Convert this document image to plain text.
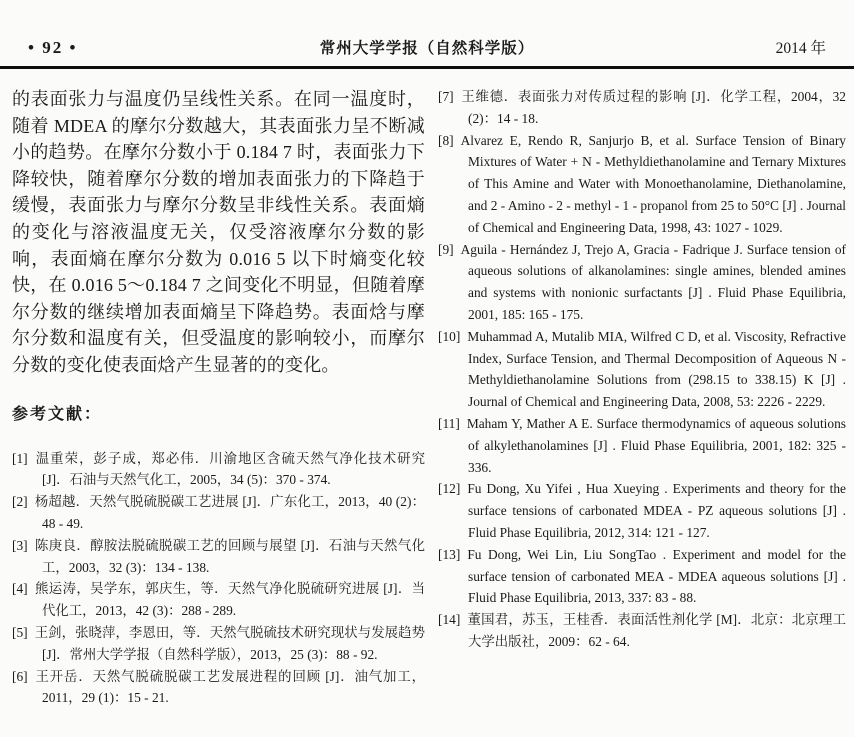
• 92 •	常州大学学报（自然科学版）	2014 年

的表面张力与温度仍呈线性关系。在同一温度时，随着 MDEA 的摩尔分数越大，其表面张力呈不断减小的趋势。在摩尔分数小于 0.184 7 时，表面张力下降较快，随着摩尔分数的增加表面张力的下降趋于缓慢，表面张力与摩尔分数呈非线性关系。表面熵的变化与溶液温度无关，仅受溶液摩尔分数的影响，表面熵在摩尔分数为 0.016 5 以下时熵变化较快，在 0.016 5～0.184 7 之间变化不明显，但随着摩尔分数的继续增加表面熵呈下降趋势。表面焓与摩尔分数和温度有关，但受温度的影响较小，而摩尔分数的变化使表面焓产生显著的的变化。

参考文献：

[1] 温重荣，彭子成，郑必伟．川渝地区含硫天然气净化技术研究 [J]．石油与天然气化工，2005，34 (5)：370 - 374.

[2] 杨超越．天然气脱硫脱碳工艺进展 [J]．广东化工，2013，40 (2)：48 - 49.

[3] 陈庚良．醇胺法脱硫脱碳工艺的回顾与展望 [J]．石油与天然气化工，2003，32 (3)：134 - 138.

[4] 熊运涛，吴学东，郭庆生，等．天然气净化脱硫研究进展 [J]．当代化工，2013，42 (3)：288 - 289.

[5] 王剑，张晓萍，李恩田，等．天然气脱硫技术研究现状与发展趋势 [J]．常州大学学报（自然科学版），2013，25 (3)：88 - 92.

[6] 王开岳．天然气脱硫脱碳工艺发展进程的回顾 [J]．油气加工，2011，29 (1)：15 - 21.

[7] 王维德．表面张力对传质过程的影响 [J]．化学工程，2004，32 (2)：14 - 18.

[8] Alvarez E, Rendo R, Sanjurjo B, et al. Surface Tension of Binary Mixtures of Water + N - Methyldiethanolamine and Ternary Mixtures of This Amine and Water with Monoethanolamine, Diethanolamine, and 2 - Amino - 2 - methyl - 1 - propanol from 25 to 50°C [J] . Journal of Chemical and Engineering Data, 1998, 43: 1027 - 1029.

[9] Aguila - Hernández J, Trejo A, Gracia - Fadrique J. Surface tension of aqueous solutions of alkanolamines: single amines, blended amines and systems with nonionic surfactants [J] . Fluid Phase Equilibria, 2001, 185: 165 - 175.

[10] Muhammad A, Mutalib MIA, Wilfred C D, et al. Viscosity, Refractive Index, Surface Tension, and Thermal Decomposition of Aqueous N - Methyldiethanolamine Solutions from (298.15 to 338.15) K [J] . Journal of Chemical and Engineering Data, 2008, 53: 2226 - 2229.

[11] Maham Y, Mather A E. Surface thermodynamics of aqueous solutions of alkylethanolamines [J] . Fluid Phase Equilibria, 2001, 182: 325 - 336.

[12] Fu Dong, Xu Yifei , Hua Xueying . Experiments and theory for the surface tensions of carbonated MDEA - PZ aqueous solutions [J] . Fluid Phase Equilibria, 2012, 314: 121 - 127.

[13] Fu Dong, Wei Lin, Liu SongTao . Experiment and model for the surface tension of carbonated MEA - MDEA aqueous solutions [J] . Fluid Phase Equilibria, 2013, 337: 83 - 88.

[14] 董国君，苏玉，王桂香．表面活性剂化学 [M]．北京：北京理工大学出版社，2009：62 - 64.
